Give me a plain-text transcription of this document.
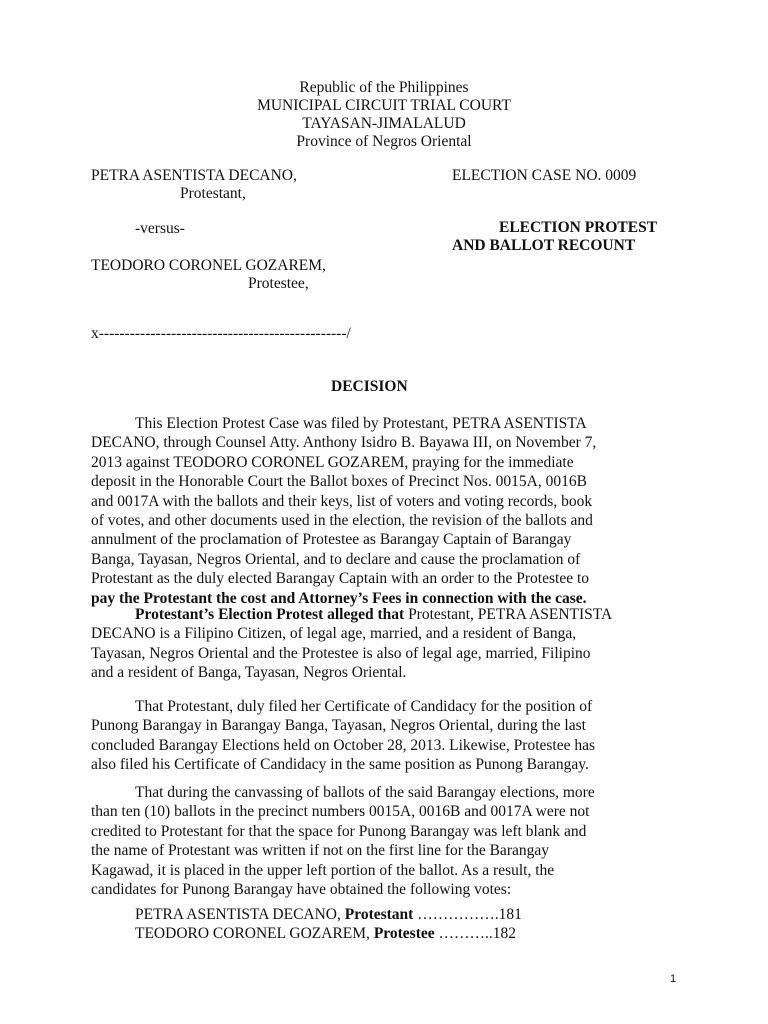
Republic of the Philippines
MUNICIPAL CIRCUIT TRIAL COURT
TAYASAN-JIMALALUD
Province of Negros Oriental
PETRA ASENTISTA DECANO,
Protestant,
ELECTION CASE NO. 0009
-versus-	ELECTION PROTEST
AND BALLOT RECOUNT
TEODORO CORONEL GOZAREM,
Protestee,
x------------------------------------------------/
DECISION
This Election Protest Case was filed by Protestant, PETRA ASENTISTA
DECANO, through Counsel Atty. Anthony Isidro B. Bayawa III, on November 7,
2013 against TEODORO CORONEL GOZAREM, praying for the immediate
deposit in the Honorable Court the Ballot boxes of Precinct Nos. 0015A, 0016B
and 0017A with the ballots and their keys, list of voters and voting records, book
of votes, and other documents used in the election, the revision of the ballots and
annulment of the proclamation of Protestee as Barangay Captain of Barangay
Banga, Tayasan, Negros Oriental, and to declare and cause the proclamation of
Protestant as the duly elected Barangay Captain with an order to the Protestee to
pay the Protestant the cost and Attorney’s Fees in connection with the case.
Protestant’s Election Protest alleged that Protestant, PETRA ASENTISTA
DECANO is a Filipino Citizen, of legal age, married, and a resident of Banga,
Tayasan, Negros Oriental and the Protestee is also of legal age, married, Filipino
and a resident of Banga, Tayasan, Negros Oriental.
That Protestant, duly filed her Certificate of Candidacy for the position of
Punong Barangay in Barangay Banga, Tayasan, Negros Oriental, during the last
concluded Barangay Elections held on October 28, 2013. Likewise, Protestee has
also filed his Certificate of Candidacy in the same position as Punong Barangay.
That during the canvassing of ballots of the said Barangay elections, more
than ten (10) ballots in the precinct numbers 0015A, 0016B and 0017A were not
credited to Protestant for that the space for Punong Barangay was left blank and
the name of Protestant was written if not on the first line for the Barangay
Kagawad, it is placed in the upper left portion of the ballot. As a result, the
candidates for Punong Barangay have obtained the following votes:
PETRA ASENTISTA DECANO, Protestant …………….181
TEODORO CORONEL GOZAREM, Protestee ………..182
1
